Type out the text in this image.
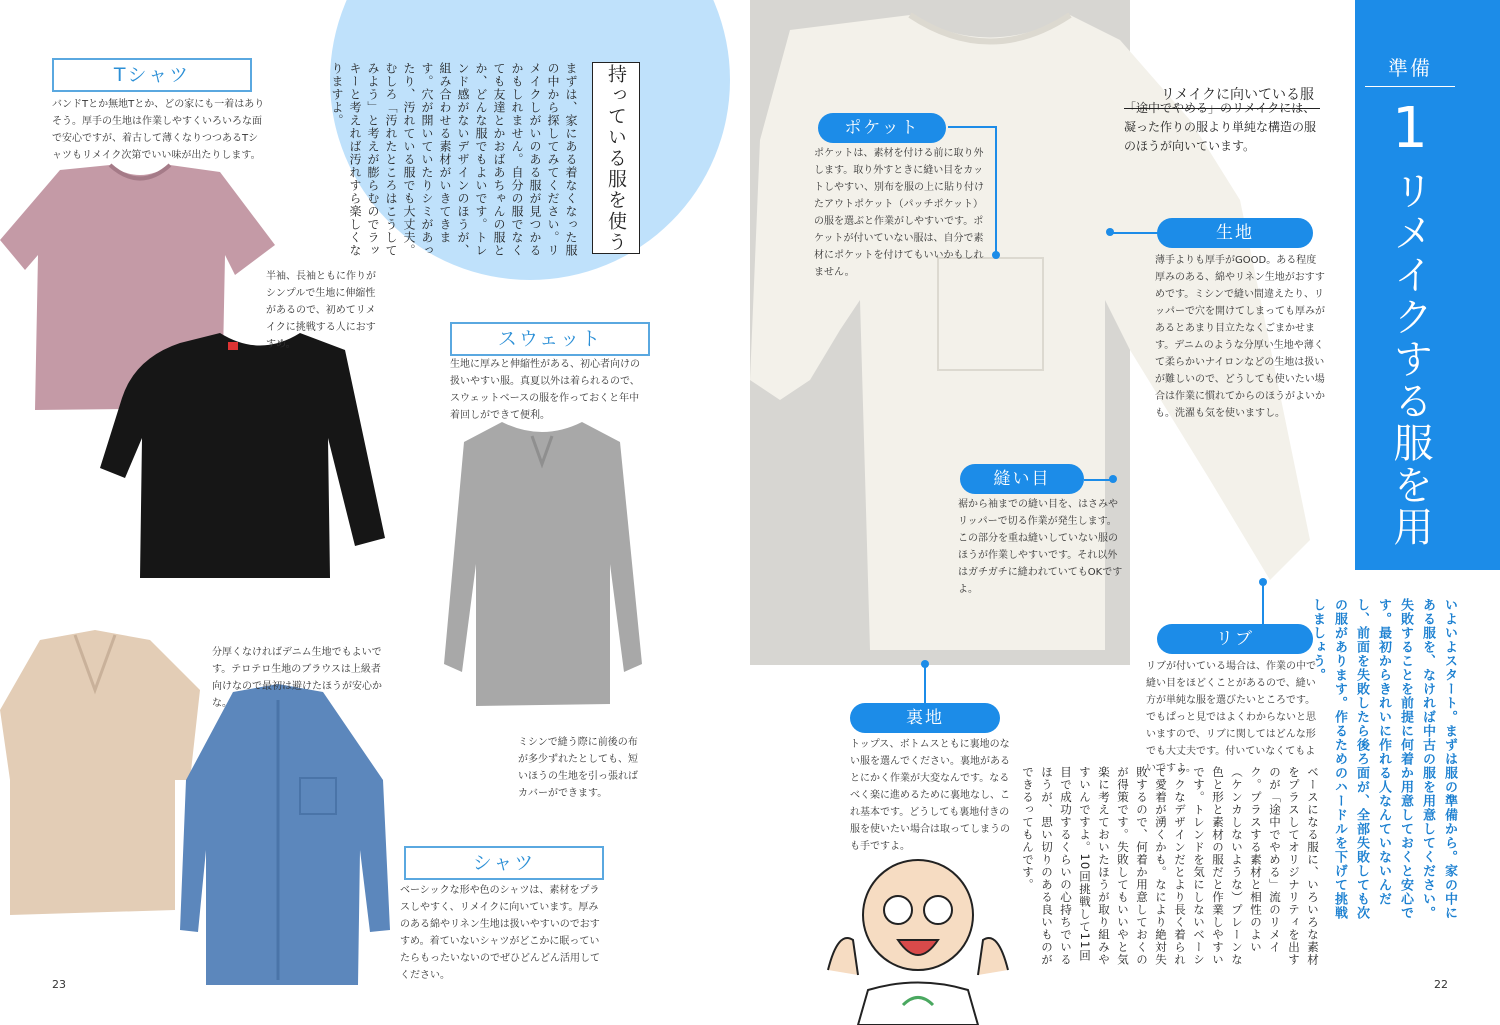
Tシャツ
バンドTとか無地Tとか、どの家にも一着はありそう。厚手の生地は作業しやすくいろいろな面で安心ですが、着古して薄くなりつつあるTシャツもリメイク次第でいい味が出たりします。
半袖、長袖ともに作りがシンプルで生地に伸縮性があるので、初めてリメイクに挑戦する人におすすめ。
まずは、家にある着なくなった服の中から探してみてください。リメイクしがいのある服が見つかるかもしれません。自分の服でなくても友達とかおばあちゃんの服とか、どんな服でもよいです。トレンド感がないデザインのほうが、組み合わせる素材がいきてきます。穴が開いていたりシミがあったり、汚れている服でも大丈夫。むしろ「汚れたところはこうしてみよう」と考えが膨らむのでラッキーと考えれば汚れすら楽しくなりますよ。	持っている服を使う
スウェット
生地に厚みと伸縮性がある、初心者向けの扱いやすい服。真夏以外は着られるので、スウェットベースの服を作っておくと年中着回しができて便利。
ミシンで縫う際に前後の布が多少ずれたとしても、短いほうの生地を引っ張ればカバーができます。
分厚くなければデニム生地でもよいです。テロテロ生地のブラウスは上級者向けなので最初は避けたほうが安心かな。
シャツ
ベーシックな形や色のシャツは、素材をプラスしやすく、リメイクに向いています。厚みのある綿やリネン生地は扱いやすいのでおすすめ。着ていないシャツがどこかに眠っていたらもったいないのでぜひどんどん活用してください。
23
リメイクに向いている服
「途中でやめる」のリメイクには、凝った作りの服より単純な構造の服のほうが向いています。
ポケット
ポケットは、素材を付ける前に取り外します。取り外すときに縫い目をカットしやすい、別布を服の上に貼り付けたアウトポケット（パッチポケット）の服を選ぶと作業がしやすいです。ポケットが付いていない服は、自分で素材にポケットを付けてもいいかもしれません。
生地
薄手よりも厚手がGOOD。ある程度厚みのある、綿やリネン生地がおすすめです。ミシンで縫い間違えたり、リッパーで穴を開けてしまっても厚みがあるとあまり目立たなくごまかせます。デニムのような分厚い生地や薄くて柔らかいナイロンなどの生地は扱いが難しいので、どうしても使いたい場合は作業に慣れてからのほうがよいかも。洗濯も気を使いますし。
縫い目
裾から袖までの縫い目を、はさみやリッパーで切る作業が発生します。この部分を重ね縫いしていない服のほうが作業しやすいです。それ以外はガチガチに縫われていてもOKですよ。
リブ
リブが付いている場合は、作業の中で縫い目をほどくことがあるので、縫い方が単純な服を選びたいところです。でもぱっと見ではよくわからないと思いますので、リブに関してはどんな形でも大丈夫です。付いていなくてもよいですよ。
裏地
トップス、ボトムスともに裏地のない服を選んでください。裏地があるとにかく作業が大変なんです。なるべく楽に進めるために裏地なし、これ基本です。どうしても裏地付きの服を使いたい場合は取ってしまうのも手ですよ。	ベースになる服に、いろいろな素材をプラスしてオリジナリティを出すのが「途中でやめる」流のリメイク。プラスする素材と相性のよい（ケンカしないような）プレーンな色と形と素材の服だと作業しやすいです。トレンドを気にしないベーシックなデザインだとより長く着られて愛着が湧くかも。なにより絶対失敗するので、何着か用意しておくのが得策です。失敗してもいいやと気楽に考えておいたほうが取り組みやすいんですよ。10回挑戦して11回目で成功するくらいの心持ちでいるほうが、思い切りのある良いものができるってもんです。
準備
1
リメイクする服を用意する
いよいよスタート。まずは服の準備から。家の中にある服を、なければ中古の服を用意してください。失敗することを前提に何着か用意しておくと安心です。最初からきれいに作れる人なんていないんだし、前面を失敗したら後ろ面が、全部失敗しても次の服があります。作るためのハードルを下げて挑戦しましょう。
22
